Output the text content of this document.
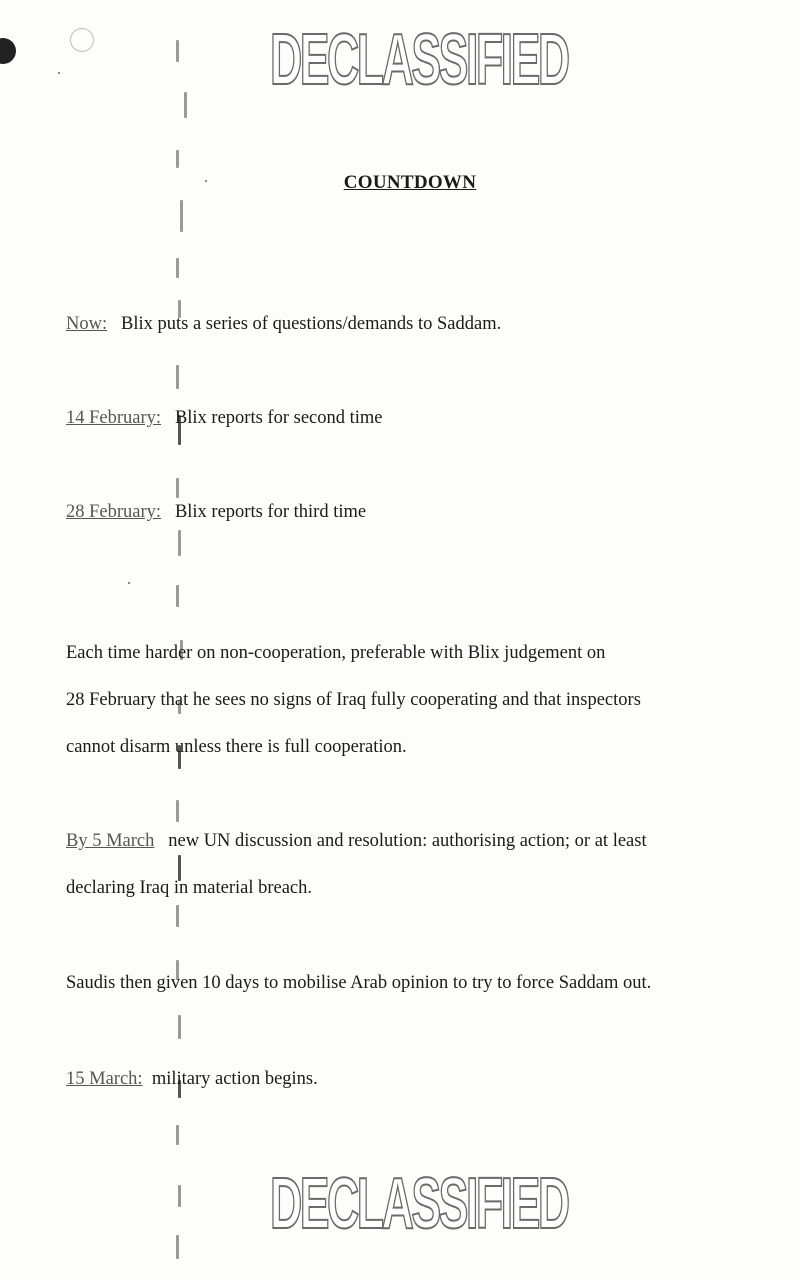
DECLASSIFIED
COUNTDOWN
Now: Blix puts a series of questions/demands to Saddam.
14 February: Blix reports for second time
28 February: Blix reports for third time
Each time harder on non-cooperation, preferable with Blix judgement on
28 February that he sees no signs of Iraq fully cooperating and that inspectors
cannot disarm unless there is full cooperation.
By 5 March new UN discussion and resolution: authorising action; or at least
declaring Iraq in material breach.
Saudis then given 10 days to mobilise Arab opinion to try to force Saddam out.
15 March: military action begins.
DECLASSIFIED
